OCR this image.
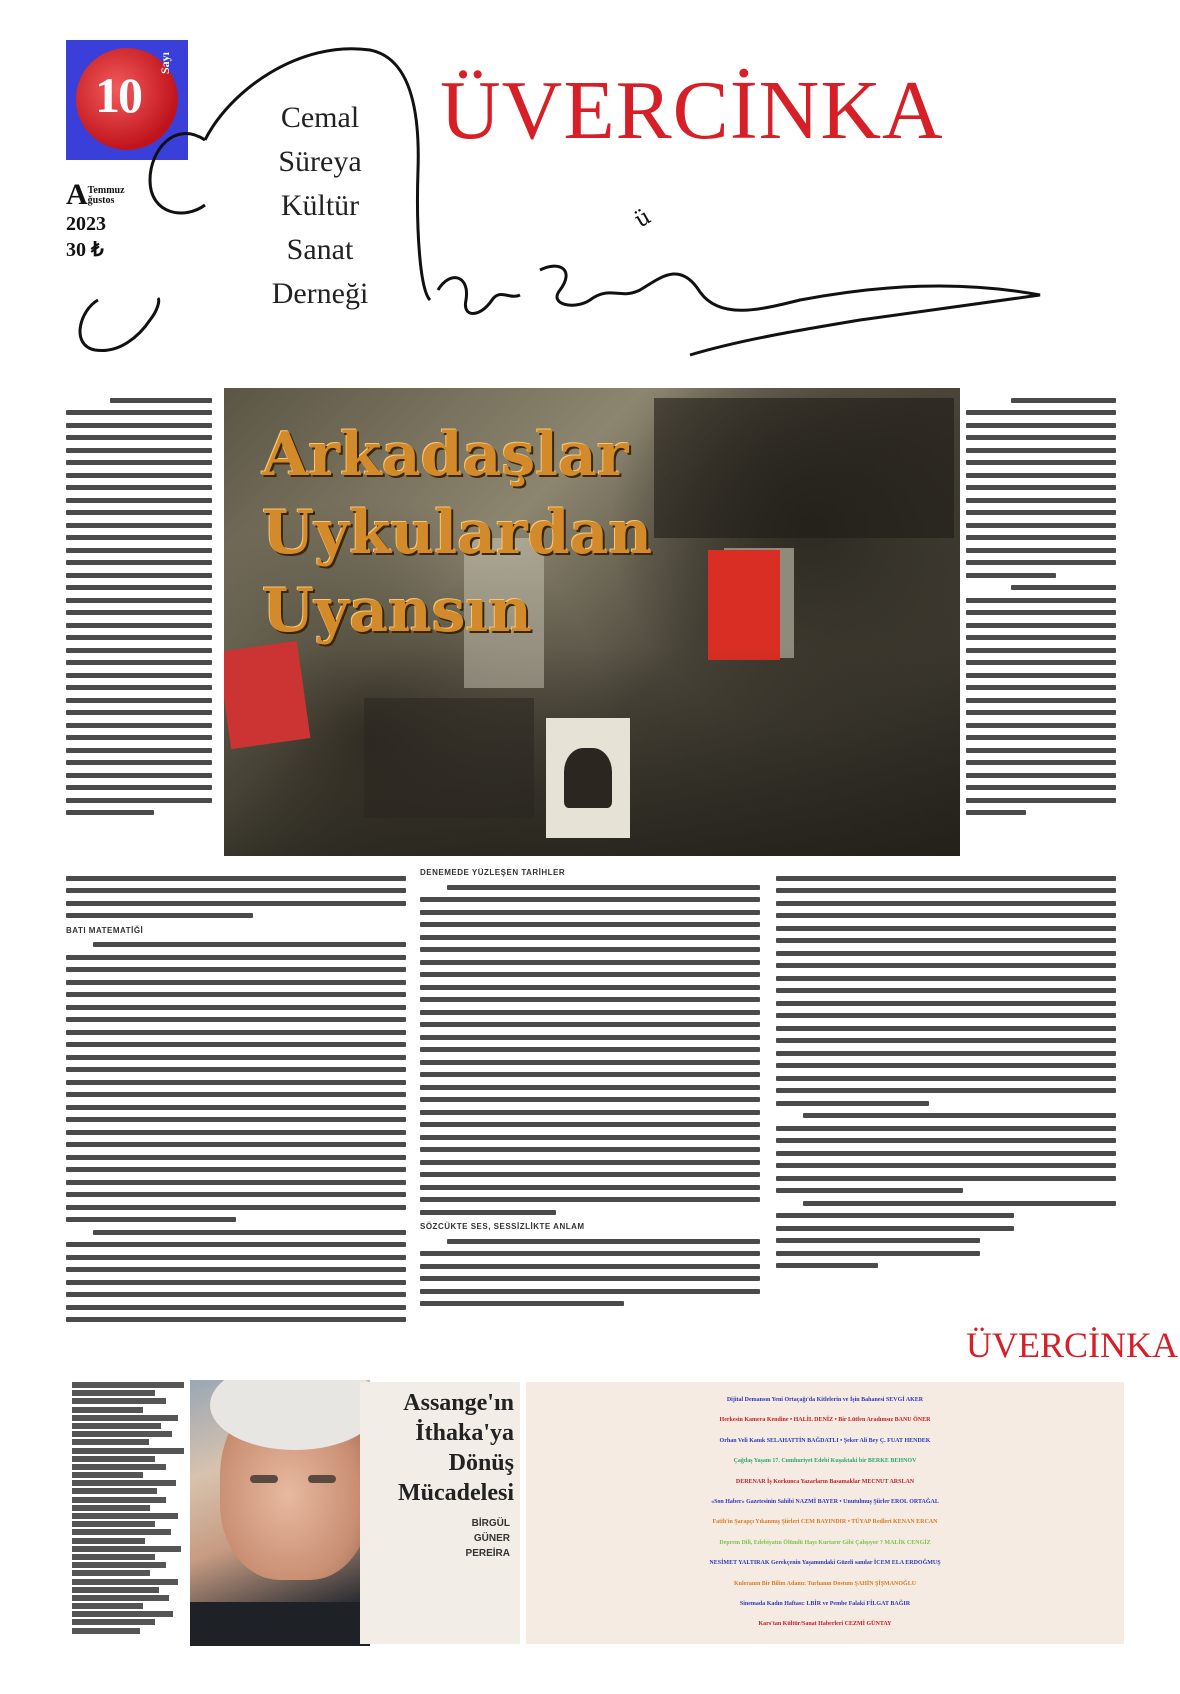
10
Sayı
ATemmuz
ğustos
2023
30 ₺
Cemal
Süreya
Kültür
Sanat
Derneği
ÜVERCİNKA
ü
Arkadaşlar
Uykulardan
Uyansın
BATI MATEMATİĞİ
DENEMEDE YÜZLEŞEN TARİHLER
SÖZCÜKTE SES, SESSİZLİKTE ANLAM
ÜVERCİNKA
Assange'ın
İthaka'ya
Dönüş
Mücadelesi
BİRGÜL
GÜNER
PEREİRA
Dijital Demansın Yeni Ortaçağı'da Kitlelerin ve İşin Bahanesi SEVGİ AKER
Herkesin Kamera Kendine • HALİL DENİZ • Bir Lütfen Aradımsız BANU ÖNER
Orhan Veli Kanık SELAHATTİN BAĞDATLI • Şeker Ali Bey Ç. FUAT HENDEK
Çağdaş Yaşam 17. Cumhuriyet Edebi Kuşaktaki bir BERKE BEHNOV
DERENAR İş Korkunca Yazarların Basamaklar MECNUT ARSLAN
«Son Haber» Gazetesinin Sahibi NAZMİ BAYER • Unutulmuş Şiirler EROL ORTAĞAL
Fatih'in Şarapçı Yıkanmış Şiirleri CEM BAYINDIR • TÜYAP Redleri KENAN ERCAN
Deprem Dili, Edebiyatın Ölümlü Hayı Kurtarır Gibi Çalışıyor ? MALİK CENGİZ
NESİMET YALTIRAK Gerekçenin Yaşamındaki Güzeli sanılar İCEM ELA ERDOĞMUŞ
Kuleranın Bir Bilim Adamı: Turhanın Dostum ŞAHİN ŞİŞMANOĞLU
Sinemada Kadın Haftası: LBİR ve Pembe Falaki FİLGAT BAĞIR
Kars'tan Kültür/Sanat Haberleri CEZMİ GÜNTAY
